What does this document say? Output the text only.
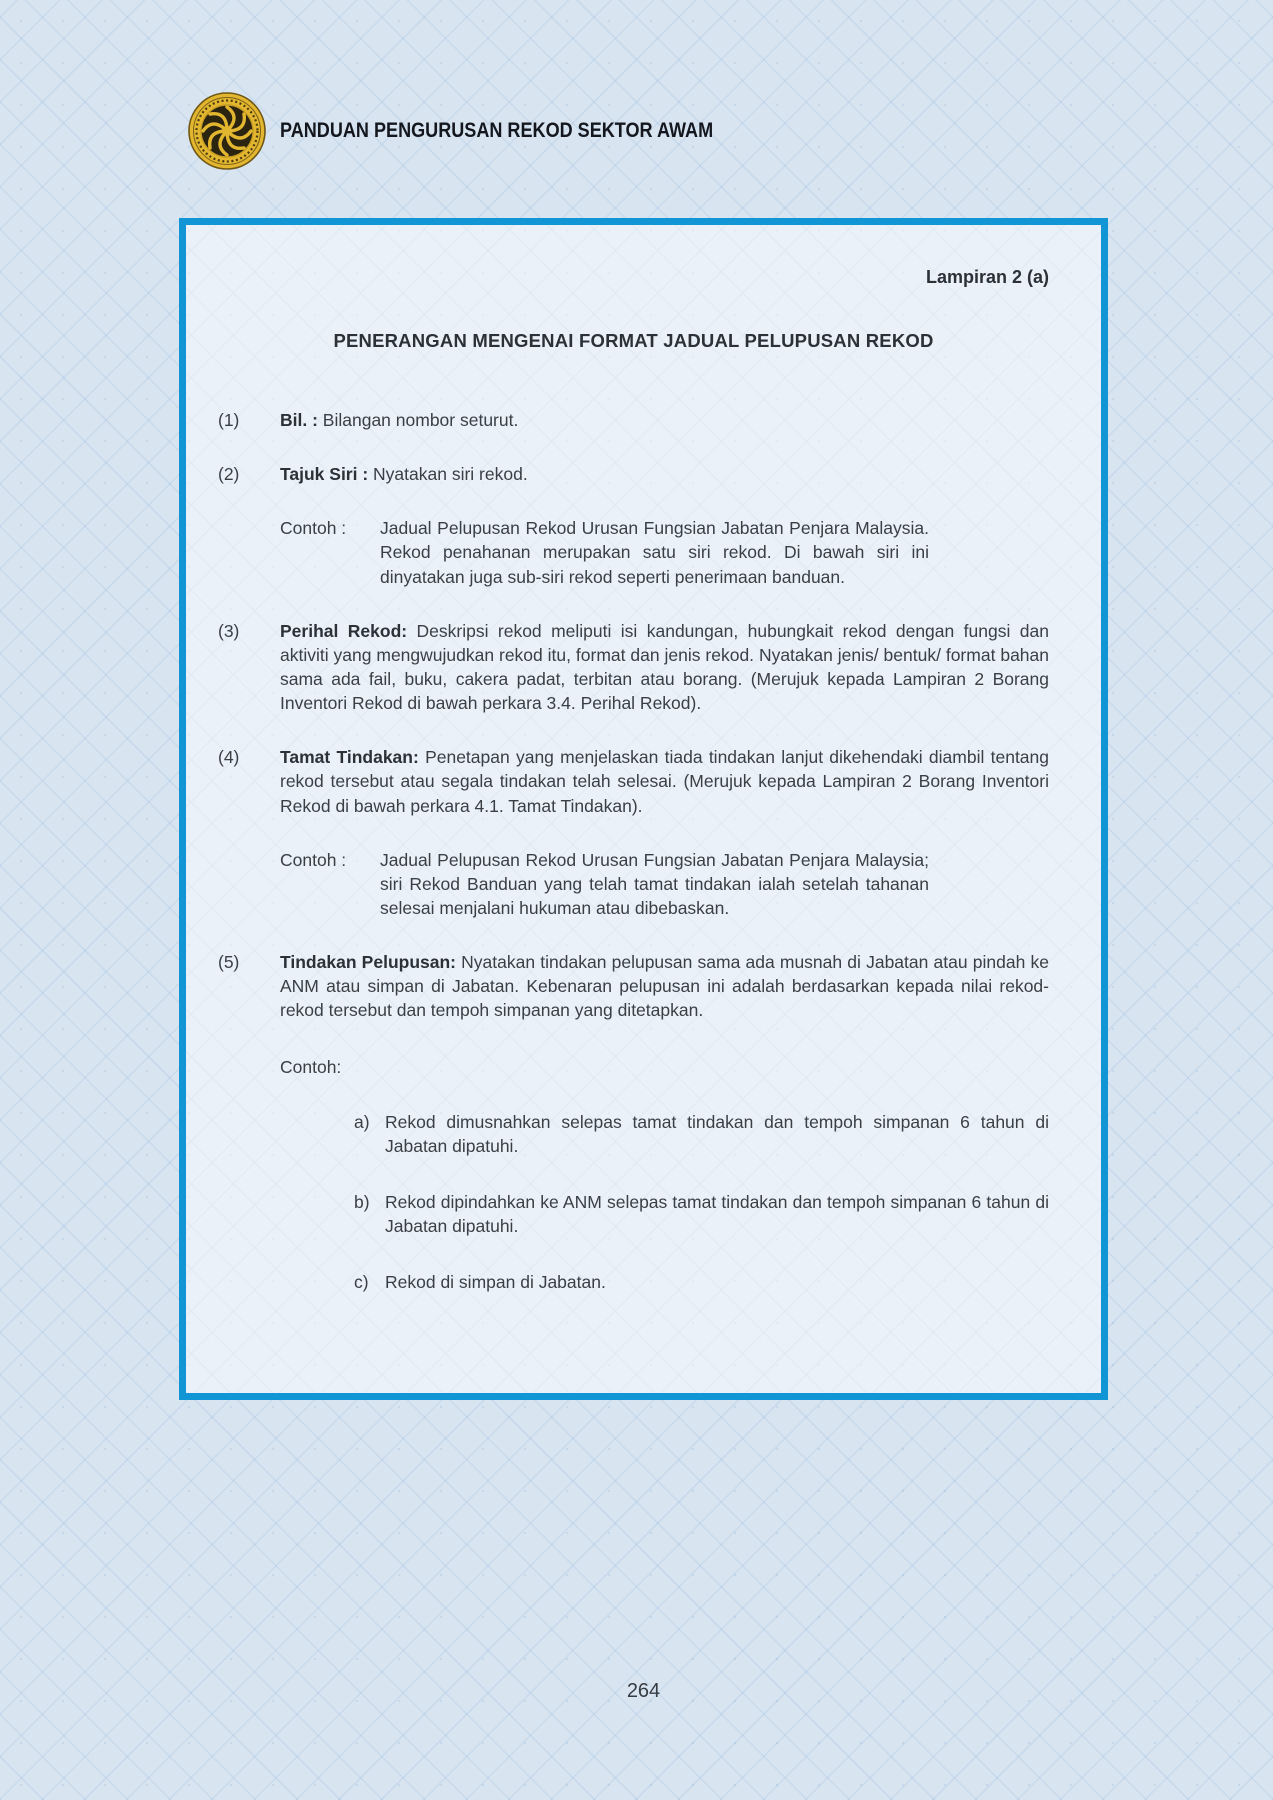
PANDUAN PENGURUSAN REKOD SEKTOR AWAM
Lampiran 2 (a)
PENERANGAN MENGENAI FORMAT JADUAL PELUPUSAN REKOD
(1)	Bil. : Bilangan nombor seturut.

(2)	Tajuk Siri : Nyatakan siri rekod.

Contoh :	Jadual Pelupusan Rekod Urusan Fungsian Jabatan Penjara Malaysia. Rekod penahanan merupakan satu siri rekod. Di bawah siri ini dinyatakan juga sub-siri rekod seperti penerimaan banduan.

(3)	Perihal Rekod: Deskripsi rekod meliputi isi kandungan, hubungkait rekod dengan fungsi dan aktiviti yang mengwujudkan rekod itu, format dan jenis rekod. Nyatakan jenis/ bentuk/ format bahan sama ada fail, buku, cakera padat, terbitan atau borang. (Merujuk kepada Lampiran 2 Borang Inventori Rekod di bawah perkara 3.4. Perihal Rekod).

(4)	Tamat Tindakan: Penetapan yang menjelaskan tiada tindakan lanjut dikehendaki diambil tentang rekod tersebut atau segala tindakan telah selesai. (Merujuk kepada Lampiran 2 Borang Inventori Rekod di bawah perkara 4.1. Tamat Tindakan).

Contoh :	Jadual Pelupusan Rekod Urusan Fungsian Jabatan Penjara Malaysia; siri Rekod Banduan yang telah tamat tindakan ialah setelah tahanan selesai menjalani hukuman atau dibebaskan.

(5)	Tindakan Pelupusan: Nyatakan tindakan pelupusan sama ada musnah di Jabatan atau pindah ke ANM atau simpan di Jabatan. Kebenaran pelupusan ini adalah berdasarkan kepada nilai rekod-rekod tersebut dan tempoh simpanan yang ditetapkan.

Contoh:
a) Rekod dimusnahkan selepas tamat tindakan dan tempoh simpanan 6 tahun di Jabatan dipatuhi.

b) Rekod dipindahkan ke ANM selepas tamat tindakan dan tempoh simpanan 6 tahun di Jabatan dipatuhi.

c) Rekod di simpan di Jabatan.

264
